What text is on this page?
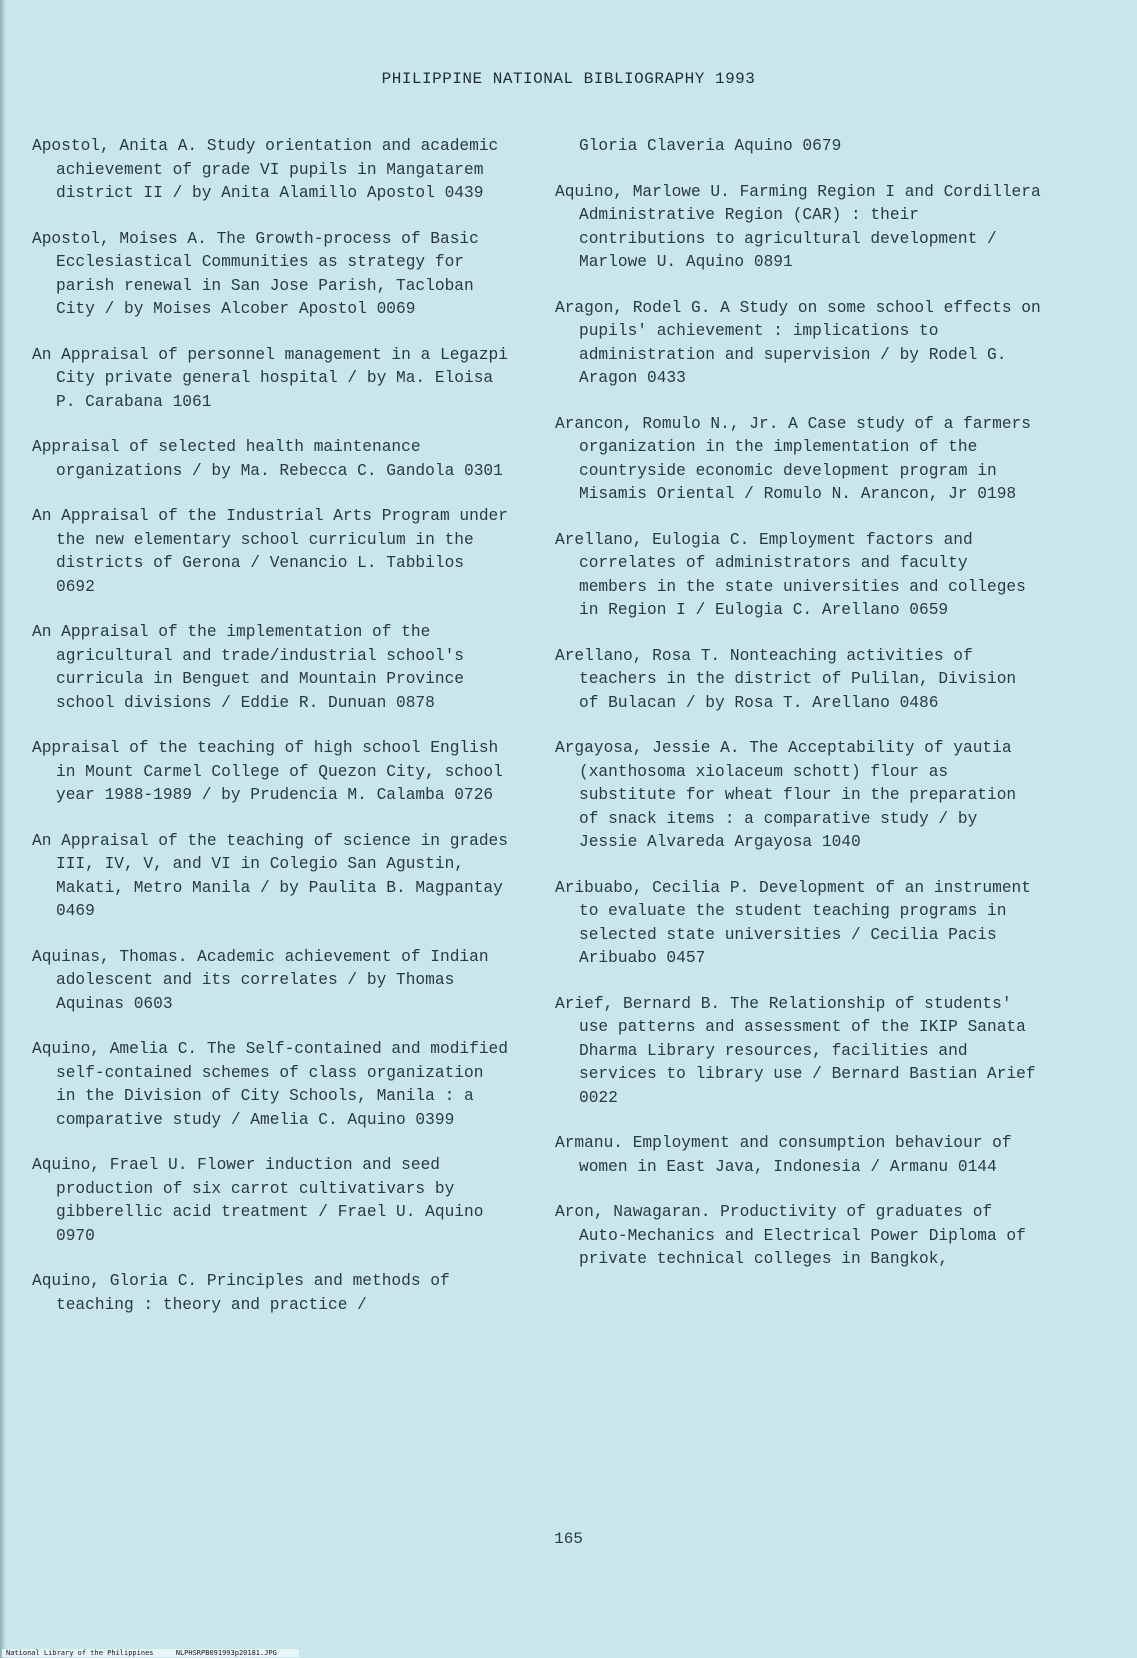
PHILIPPINE NATIONAL BIBLIOGRAPHY 1993

Apostol, Anita A. Study orientation and academic achievement of grade VI pupils in Mangatarem district II / by Anita Alamillo Apostol 0439

Apostol, Moises A. The Growth-process of Basic Ecclesiastical Communities as strategy for parish renewal in San Jose Parish, Tacloban City / by Moises Alcober Apostol 0069

An Appraisal of personnel management in a Legazpi City private general hospital / by Ma. Eloisa P. Carabana 1061

Appraisal of selected health maintenance organizations / by Ma. Rebecca C. Gandola 0301

An Appraisal of the Industrial Arts Program under the new elementary school curriculum in the districts of Gerona / Venancio L. Tabbilos 0692

An Appraisal of the implementation of the agricultural and trade/industrial school's curricula in Benguet and Mountain Province school divisions / Eddie R. Dunuan 0878

Appraisal of the teaching of high school English in Mount Carmel College of Quezon City, school year 1988-1989 / by Prudencia M. Calamba 0726

An Appraisal of the teaching of science in grades III, IV, V, and VI in Colegio San Agustin, Makati, Metro Manila / by Paulita B. Magpantay 0469

Aquinas, Thomas. Academic achievement of Indian adolescent and its correlates / by Thomas Aquinas 0603

Aquino, Amelia C. The Self-contained and modified self-contained schemes of class organization in the Division of City Schools, Manila : a comparative study / Amelia C. Aquino 0399

Aquino, Frael U. Flower induction and seed production of six carrot cultivativars by gibberellic acid treatment / Frael U. Aquino 0970

Aquino, Gloria C. Principles and methods of teaching : theory and practice /

Gloria Claveria Aquino 0679

Aquino, Marlowe U. Farming Region I and Cordillera Administrative Region (CAR) : their contributions to agricultural development / Marlowe U. Aquino 0891

Aragon, Rodel G. A Study on some school effects on pupils' achievement : implications to administration and supervision / by Rodel G. Aragon 0433

Arancon, Romulo N., Jr. A Case study of a farmers organization in the implementation of the countryside economic development program in Misamis Oriental / Romulo N. Arancon, Jr 0198

Arellano, Eulogia C. Employment factors and correlates of administrators and faculty members in the state universities and colleges in Region I / Eulogia C. Arellano 0659

Arellano, Rosa T. Nonteaching activities of teachers in the district of Pulilan, Division of Bulacan / by Rosa T. Arellano 0486

Argayosa, Jessie A. The Acceptability of yautia (xanthosoma xiolaceum schott) flour as substitute for wheat flour in the preparation of snack items : a comparative study / by Jessie Alvareda Argayosa 1040

Aribuabo, Cecilia P. Development of an instrument to evaluate the student teaching programs in selected state universities / Cecilia Pacis Aribuabo 0457

Arief, Bernard B. The Relationship of students' use patterns and assessment of the IKIP Sanata Dharma Library resources, facilities and services to library use / Bernard Bastian Arief 0022

Armanu. Employment and consumption behaviour of women in East Java, Indonesia / Armanu 0144

Aron, Nawagaran. Productivity of graduates of Auto-Mechanics and Electrical Power Diploma of private technical colleges in Bangkok,

165
National Library of the Philippines	NLPHSRPB091993p20181.JPG
